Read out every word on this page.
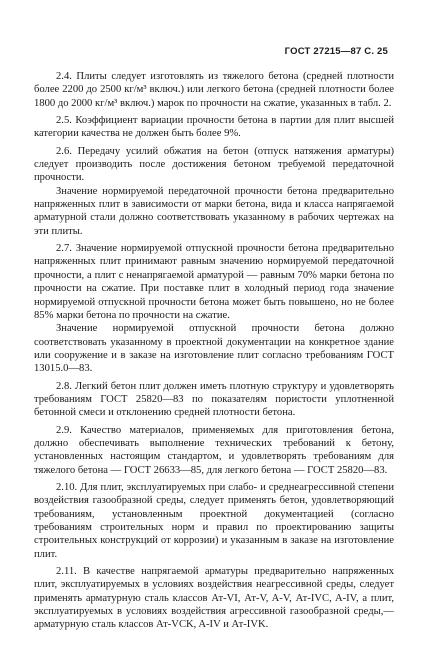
ГОСТ 27215—87 С. 25

2.4. Плиты следует изготовлять из тяжелого бетона (средней плотности более 2200 до 2500 кг/м³ включ.) или легкого бетона (средней плотности более 1800 до 2000 кг/м³ включ.) марок по прочности на сжатие, указанных в табл. 2.

2.5. Коэффициент вариации прочности бетона в партии для плит высшей категории качества не должен быть более 9%.

2.6. Передачу усилий обжатия на бетон (отпуск натяжения арматуры) следует производить после достижения бетоном требуемой передаточной прочности.

Значение нормируемой передаточной прочности бетона предварительно напряженных плит в зависимости от марки бетона, вида и класса напрягаемой арматурной стали должно соответствовать указанному в рабочих чертежах на эти плиты.

2.7. Значение нормируемой отпускной прочности бетона предварительно напряженных плит принимают равным значению нормируемой передаточной прочности, а плит с ненапрягаемой арматурой — равным 70% марки бетона по прочности на сжатие. При поставке плит в холодный период года значение нормируемой отпускной прочности бетона может быть повышено, но не более 85% марки бетона по прочности на сжатие.

Значение нормируемой отпускной прочности бетона должно соответствовать указанному в проектной документации на конкретное здание или сооружение и в заказе на изготовление плит согласно требованиям ГОСТ 13015.0—83.

2.8. Легкий бетон плит должен иметь плотную структуру и удовлетворять требованиям ГОСТ 25820—83 по показателям пористости уплотненной бетонной смеси и отклонению средней плотности бетона.

2.9. Качество материалов, применяемых для приготовления бетона, должно обеспечивать выполнение технических требований к бетону, установленных настоящим стандартом, и удовлетворять требованиям для тяжелого бетона — ГОСТ 26633—85, для легкого бетона — ГОСТ 25820—83.

2.10. Для плит, эксплуатируемых при слабо- и среднеагрессивной степени воздействия газообразной среды, следует применять бетон, удовлетворяющий требованиям, установленным проектной документацией (согласно требованиям строительных норм и правил по проектированию защиты строительных конструкций от коррозии) и указанным в заказе на изготовление плит.

2.11. В качестве напрягаемой арматуры предварительно напряженных плит, эксплуатируемых в условиях воздействия неагрессивной среды, следует применять арматурную сталь классов Ат-VI, Ат-V, A-V, Ат-IVC, A-IV, а плит, эксплуатируемых в условиях воздействия агрессивной газообразной среды,— арматурную сталь классов Ат-VCK, A-IV и Ат-IVK.
